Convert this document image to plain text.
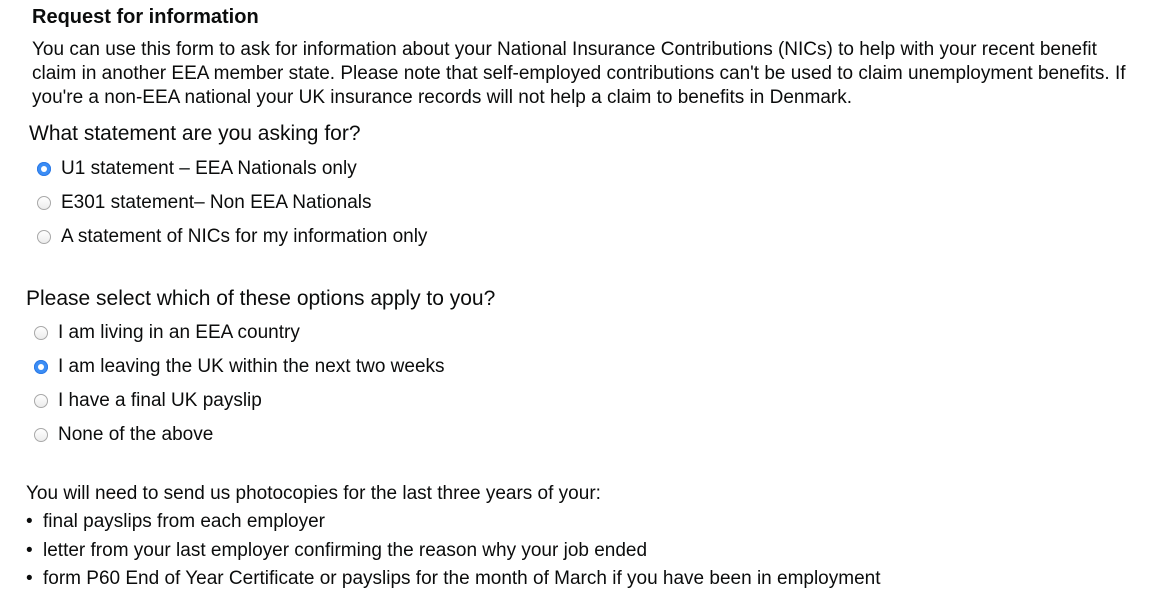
Request for information

You can use this form to ask for information about your National Insurance Contributions (NICs) to help with your recent benefit claim in another EEA member state. Please note that self-employed contributions can't be used to claim unemployment benefits. If you're a non-EEA national your UK insurance records will not help a claim to benefits in Denmark.

What statement are you asking for?
U1 statement – EEA Nationals only
E301 statement– Non EEA Nationals
A statement of NICs for my information only
Please select which of these options apply to you?
I am living in an EEA country
I am leaving the UK within the next two weeks
I have a final UK payslip
None of the above

You will need to send us photocopies for the last three years of your:

• final payslips from each employer
• letter from your last employer confirming the reason why your job ended
• form P60 End of Year Certificate or payslips for the month of March if you have been in employment
